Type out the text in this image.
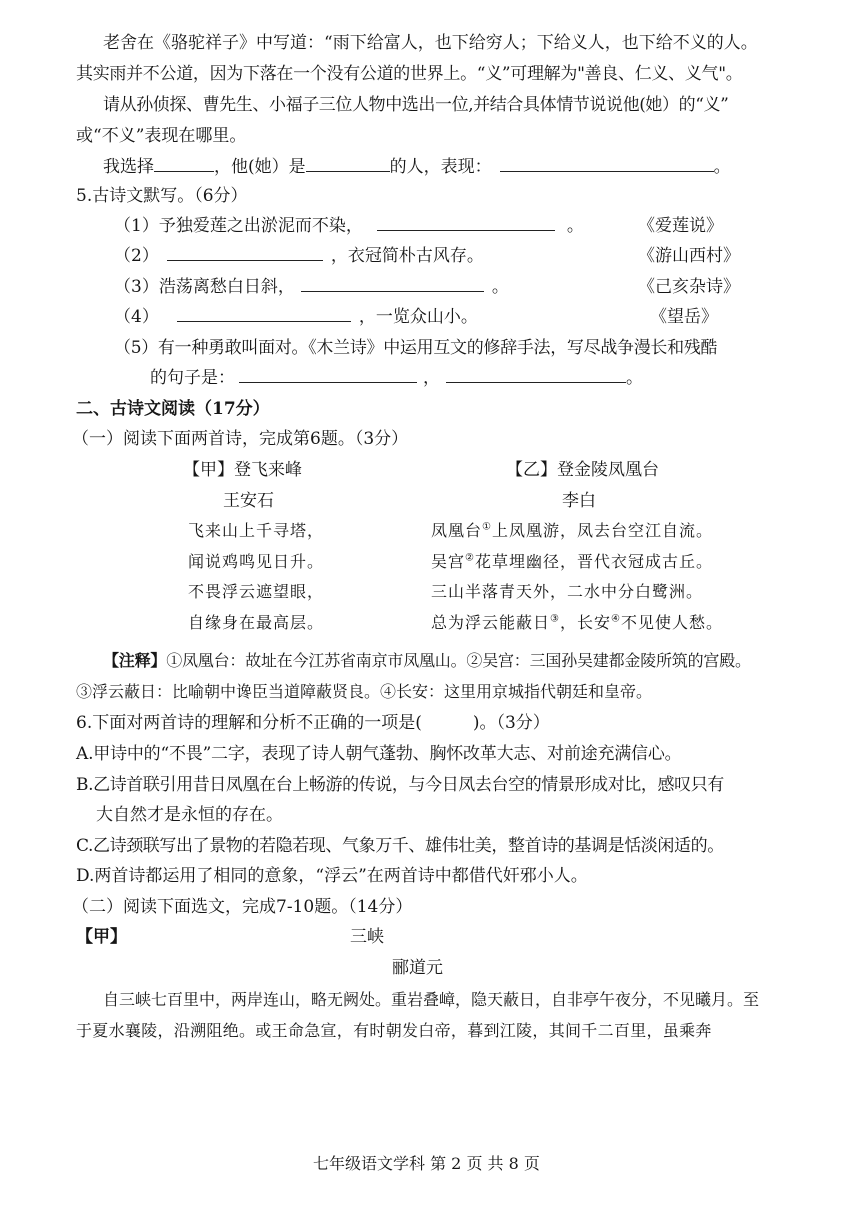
老舍在《骆驼祥子》中写道：“雨下给富人，也下给穷人；下给义人，也下给不义的人。
其实雨并不公道，因为下落在一个没有公道的世界上。“义”可理解为"善良、仁义、义气"。
请从孙侦探、曹先生、小福子三位人物中选出一位,并结合具体情节说说他(她）的“义”
或“不义”表现在哪里。
我选择	，他(她）是	的人，表现：	。
5.古诗文默写。（6分）
（1）予独爱莲之出淤泥而不染，	。	《爱莲说》
（2）	，衣冠简朴古风存。	《游山西村》
（3）浩荡离愁白日斜，	。	《己亥杂诗》
（4）	，一览众山小。	《望岳》
（5）有一种勇敢叫面对。《木兰诗》中运用互文的修辞手法，写尽战争漫长和残酷
的句子是：	，	。
二、古诗文阅读（17分）
（一）阅读下面两首诗，完成第6题。（3分）
【甲】登飞来峰
王安石
飞来山上千寻塔，
闻说鸡鸣见日升。
不畏浮云遮望眼，
自缘身在最高层。
【乙】登金陵凤凰台
李白
凤凰台①上凤凰游，凤去台空江自流。
吴宫②花草埋幽径，晋代衣冠成古丘。
三山半落青天外，二水中分白鹭洲。
总为浮云能蔽日③，长安④不见使人愁。
【注释】①凤凰台：故址在今江苏省南京市凤凰山。②吴宫：三国孙吴建都金陵所筑的宫殿。
③浮云蔽日：比喻朝中谗臣当道障蔽贤良。④长安：这里用京城指代朝廷和皇帝。
6.下面对两首诗的理解和分析不正确的一项是(　　　)。（3分）
A.甲诗中的“不畏”二字，表现了诗人朝气蓬勃、胸怀改革大志、对前途充满信心。
B.乙诗首联引用昔日凤凰在台上畅游的传说，与今日凤去台空的情景形成对比，感叹只有
大自然才是永恒的存在。
C.乙诗颈联写出了景物的若隐若现、气象万千、雄伟壮美，整首诗的基调是恬淡闲适的。
D.两首诗都运用了相同的意象，“浮云”在两首诗中都借代奸邪小人。
（二）阅读下面选文，完成7-10题。（14分）
【甲】	三峡
郦道元
自三峡七百里中，两岸连山，略无阙处。重岩叠嶂，隐天蔽日，自非亭午夜分，不见曦月。至
于夏水襄陵，沿溯阻绝。或王命急宣，有时朝发白帝，暮到江陵，其间千二百里，虽乘奔
七年级语文学科 第 2 页 共 8 页
